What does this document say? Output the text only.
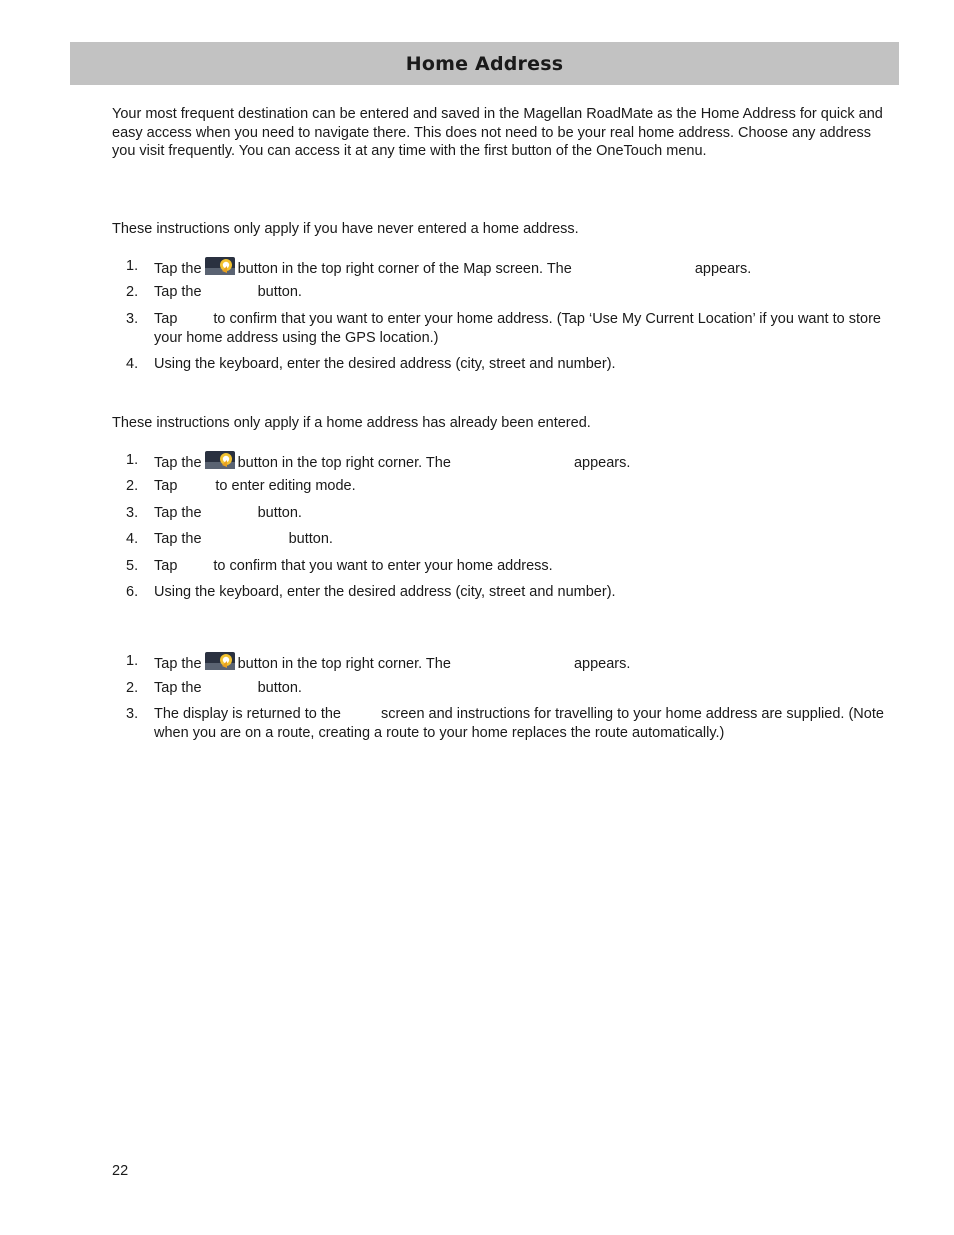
Home Address

Your most frequent destination can be entered and saved in the Magellan RoadMate as the Home Address for quick and easy access when you need to navigate there. This does not need to be your real home address. Choose any address you visit frequently. You can access it at any time with the first button of the OneTouch menu.

These instructions only apply if you have never entered a home address.

1. Tap the button in the top right corner of the Map screen. The	appears.
2. Tap the	button.
3. Tap to confirm that you want to enter your home address. (Tap ‘Use My Current Location’ if you want to store your home address using the GPS location.)
4. Using the keyboard, enter the desired address (city, street and number).

These instructions only apply if a home address has already been entered.

1. Tap the button in the top right corner. The	appears.
2. Tap	to enter editing mode.
3. Tap the	button.
4. Tap the	button.
5. Tap to confirm that you want to enter your home address.
6. Using the keyboard, enter the desired address (city, street and number).
1. Tap the button in the top right corner. The	appears.
2. Tap the	button.
3. The display is returned to the	screen and instructions for travelling to your home address are supplied. (Note when you are on a route, creating a route to your home replaces the route automatically.)
22
